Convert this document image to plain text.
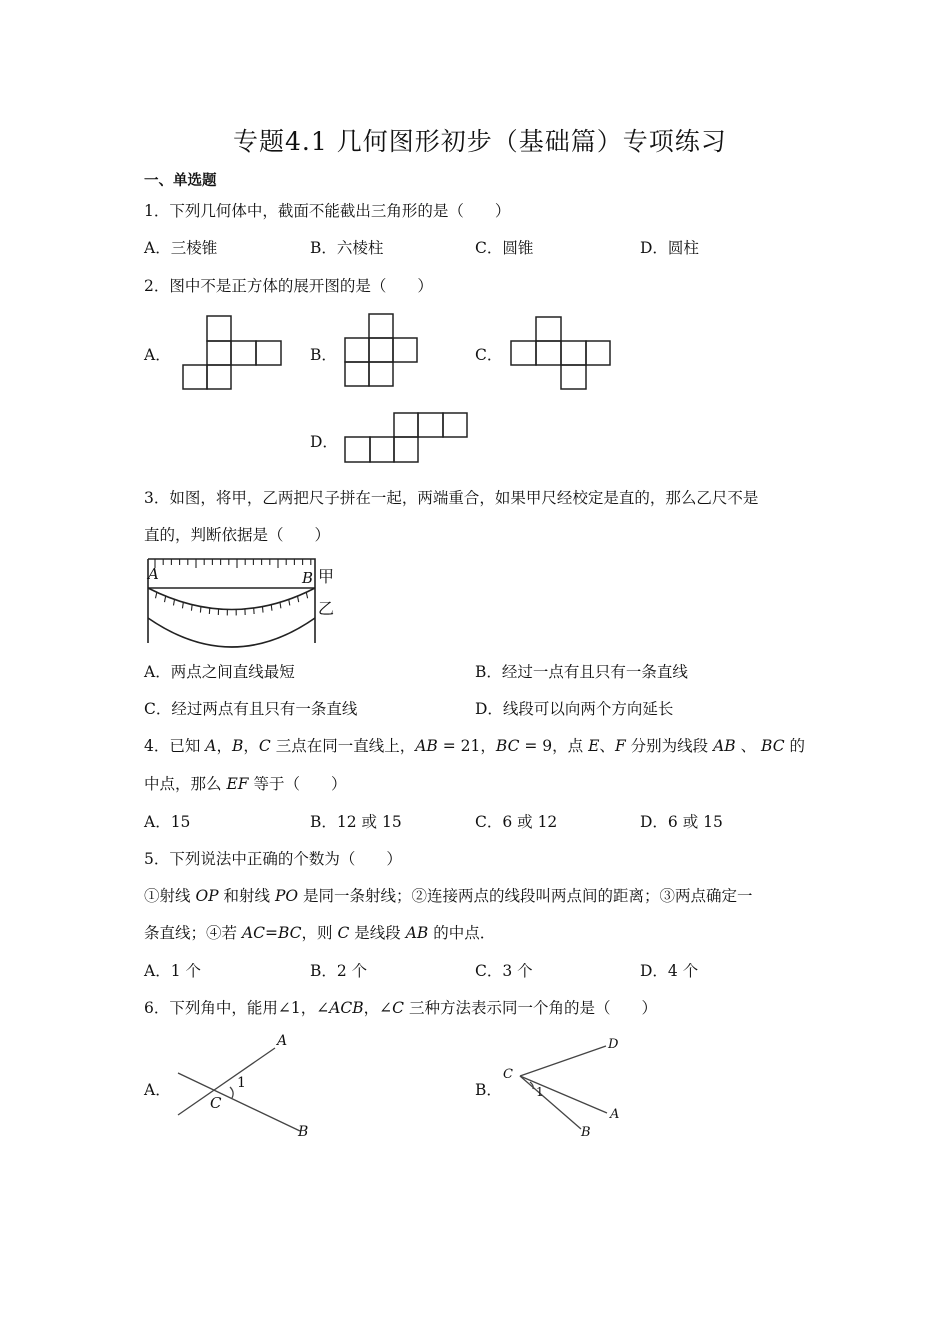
专题4.1 几何图形初步（基础篇）专项练习
一、单选题
1．下列几何体中，截面不能截出三角形的是（　　）
A．三棱锥	B．六棱柱	C．圆锥	D．圆柱
2．图中不是正方体的展开图的是（　　）
A．	B．	C．
D．
3．如图，将甲，乙两把尺子拼在一起，两端重合，如果甲尺经校定是直的，那么乙尺不是
直的，判断依据是（　　）
A	B 甲
乙
A．两点之间直线最短	B．经过一点有且只有一条直线
C．经过两点有且只有一条直线	D．线段可以向两个方向延长
4．已知 A，B，C 三点在同一直线上，AB = 21，BC = 9，点 E、F 分别为线段 AB 、 BC 的
中点，那么 EF 等于（　　）
A．15	B．12 或 15	C．6 或 12	D．6 或 15
5．下列说法中正确的个数为（　　）
①射线 OP 和射线 PO 是同一条射线；②连接两点的线段叫两点间的距离；③两点确定一
条直线；④若 AC=BC，则 C 是线段 AB 的中点．
A．1 个	B．2 个	C．3 个	D．4 个
6．下列角中，能用∠1，∠ACB，∠C 三种方法表示同一个角的是（　　）
A．
A
B
C
1	B．
D
C
A
B
1
